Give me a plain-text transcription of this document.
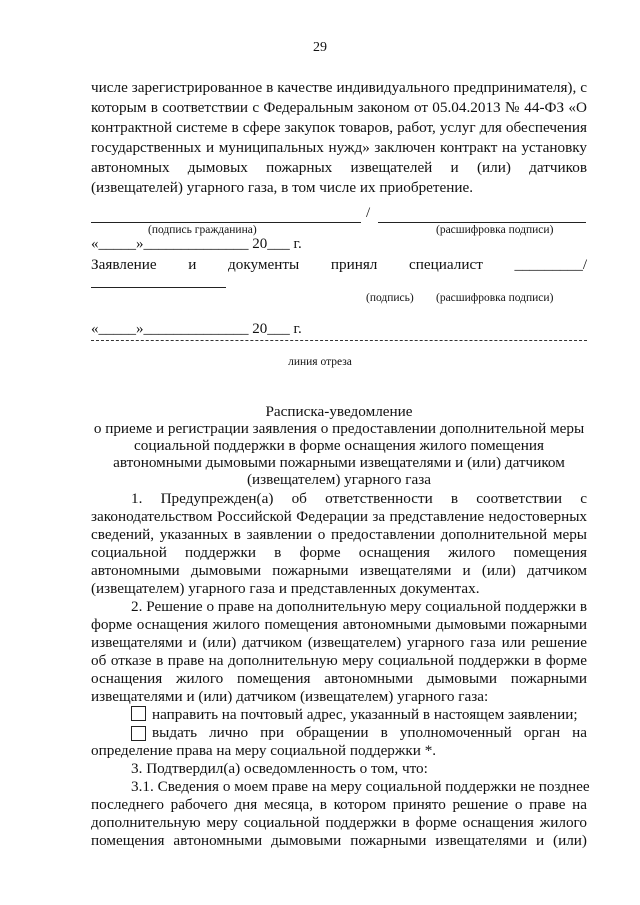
29
числе зарегистрированное в качестве индивидуального предпринимателя), с
которым в соответствии с Федеральным законом от 05.04.2013 № 44-ФЗ «О
контрактной системе в сфере закупок товаров, работ, услуг для обеспечения
государственных и муниципальных нужд» заключен контракт на установку
автономных дымовых пожарных извещателей и (или) датчиков
(извещателей) угарного газа, в том числе их приобретение.
/
(подпись гражданина)	(расшифровка подписи)
«_____»______________ 20___ г.
Заявление и документы принял специалист _________/
(подпись) (расшифровка подписи)
«_____»______________ 20___ г.
линия отреза
Расписка-уведомление
о приеме и регистрации заявления о предоставлении дополнительной меры
социальной поддержки в форме оснащения жилого помещения
автономными дымовыми пожарными извещателями и (или) датчиком
(извещателем) угарного газа
1. Предупрежден(а) об ответственности в соответствии с
законодательством Российской Федерации за представление недостоверных
сведений, указанных в заявлении о предоставлении дополнительной меры
социальной поддержки в форме оснащения жилого помещения
автономными дымовыми пожарными извещателями и (или) датчиком
(извещателем) угарного газа и представленных документах.
2. Решение о праве на дополнительную меру социальной поддержки в
форме оснащения жилого помещения автономными дымовыми пожарными
извещателями и (или) датчиком (извещателем) угарного газа или решение
об отказе в праве на дополнительную меру социальной поддержки в форме
оснащения жилого помещения автономными дымовыми пожарными
извещателями и (или) датчиком (извещателем) угарного газа:
направить на почтовый адрес, указанный в настоящем заявлении;
выдать лично при обращении в уполномоченный орган на
определение права на меру социальной поддержки *.
3. Подтвердил(а) осведомленность о том, что:
3.1. Сведения о моем праве на меру социальной поддержки не позднее
последнего рабочего дня месяца, в котором принято решение о праве на
дополнительную меру социальной поддержки в форме оснащения жилого
помещения автономными дымовыми пожарными извещателями и (или)
